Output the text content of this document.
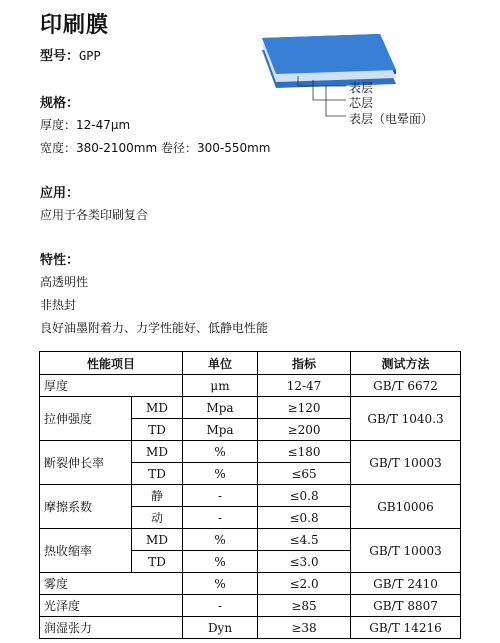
印刷膜
型号：GPP
表层
芯层
表层（电晕面）
规格：
厚度：12-47μm
宽度：380-2100mm 卷径：300-550mm
应用：
应用于各类印刷复合
特性：
高透明性
非热封
良好油墨附着力、力学性能好、低静电性能
性能项目		单位	指标	测试方法
厚度		μm	12-47	GB/T 6672
拉伸强度	MD	Mpa	≥120	GB/T 1040.3
	TD	Mpa	≥200	
断裂伸长率	MD	%	≤180	GB/T 10003
	TD	%	≤65	
摩擦系数	静	-	≤0.8	GB10006
	动	-	≤0.8	
热收缩率	MD	%	≤4.5	GB/T 10003
	TD	%	≤3.0	
雾度		%	≤2.0	GB/T 2410
光泽度		-	≥85	GB/T 8807
润湿张力		Dyn	≥38	GB/T 14216
